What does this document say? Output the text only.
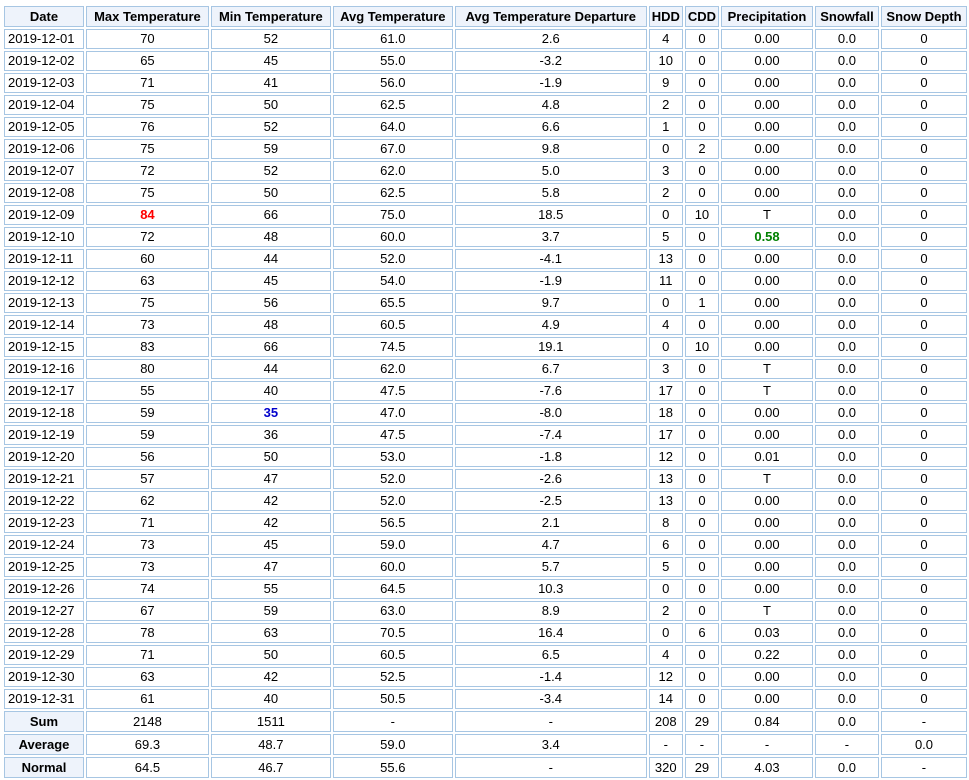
Date	Max Temperature	Min Temperature	Avg Temperature	Avg Temperature Departure	HDD	CDD	Precipitation	Snowfall	Snow Depth
2019-12-01	70	52	61.0	2.6	4	0	0.00	0.0	0
2019-12-02	65	45	55.0	-3.2	10	0	0.00	0.0	0
2019-12-03	71	41	56.0	-1.9	9	0	0.00	0.0	0
2019-12-04	75	50	62.5	4.8	2	0	0.00	0.0	0
2019-12-05	76	52	64.0	6.6	1	0	0.00	0.0	0
2019-12-06	75	59	67.0	9.8	0	2	0.00	0.0	0
2019-12-07	72	52	62.0	5.0	3	0	0.00	0.0	0
2019-12-08	75	50	62.5	5.8	2	0	0.00	0.0	0
2019-12-09	84	66	75.0	18.5	0	10	T	0.0	0
2019-12-10	72	48	60.0	3.7	5	0	0.58	0.0	0
2019-12-11	60	44	52.0	-4.1	13	0	0.00	0.0	0
2019-12-12	63	45	54.0	-1.9	11	0	0.00	0.0	0
2019-12-13	75	56	65.5	9.7	0	1	0.00	0.0	0
2019-12-14	73	48	60.5	4.9	4	0	0.00	0.0	0
2019-12-15	83	66	74.5	19.1	0	10	0.00	0.0	0
2019-12-16	80	44	62.0	6.7	3	0	T	0.0	0
2019-12-17	55	40	47.5	-7.6	17	0	T	0.0	0
2019-12-18	59	35	47.0	-8.0	18	0	0.00	0.0	0
2019-12-19	59	36	47.5	-7.4	17	0	0.00	0.0	0
2019-12-20	56	50	53.0	-1.8	12	0	0.01	0.0	0
2019-12-21	57	47	52.0	-2.6	13	0	T	0.0	0
2019-12-22	62	42	52.0	-2.5	13	0	0.00	0.0	0
2019-12-23	71	42	56.5	2.1	8	0	0.00	0.0	0
2019-12-24	73	45	59.0	4.7	6	0	0.00	0.0	0
2019-12-25	73	47	60.0	5.7	5	0	0.00	0.0	0
2019-12-26	74	55	64.5	10.3	0	0	0.00	0.0	0
2019-12-27	67	59	63.0	8.9	2	0	T	0.0	0
2019-12-28	78	63	70.5	16.4	0	6	0.03	0.0	0
2019-12-29	71	50	60.5	6.5	4	0	0.22	0.0	0
2019-12-30	63	42	52.5	-1.4	12	0	0.00	0.0	0
2019-12-31	61	40	50.5	-3.4	14	0	0.00	0.0	0
Sum	2148	1511	-	-	208	29	0.84	0.0	-
Average	69.3	48.7	59.0	3.4	-	-	-	-	0.0
Normal	64.5	46.7	55.6	-	320	29	4.03	0.0	-
